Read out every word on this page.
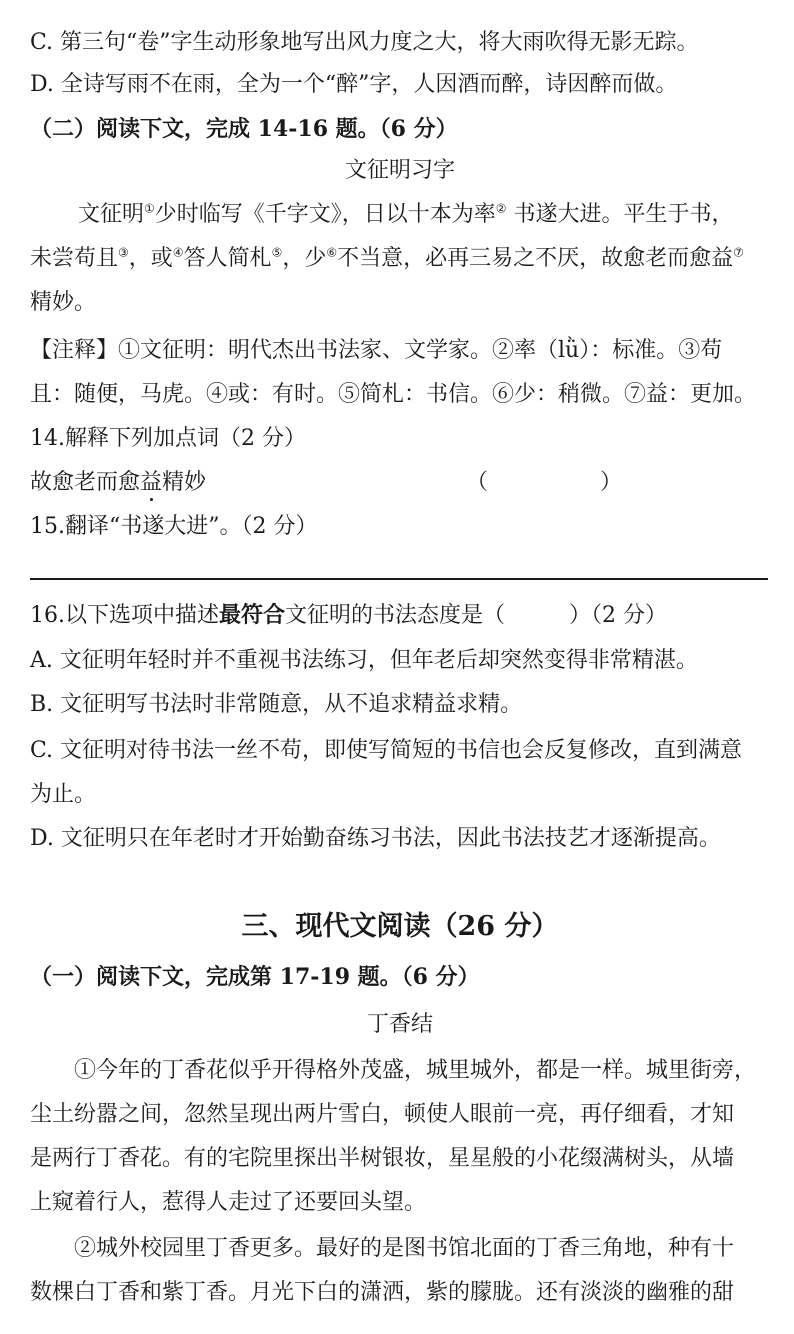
C. 第三句“卷”字生动形象地写出风力度之大，将大雨吹得无影无踪。
D. 全诗写雨不在雨，全为一个“醉”字，人因酒而醉，诗因醉而做。
（二）阅读下文，完成 14-16 题。（6 分）
文征明习字
文征明①少时临写《千字文》，日以十本为率② 书遂大进。平生于书，
未尝苟且③，或④答人简札⑤，少⑥不当意，必再三易之不厌，故愈老而愈益⑦
精妙。
【注释】①文征明：明代杰出书法家、文学家。②率（lǜ）：标准。③苟
且：随便，马虎。④或：有时。⑤简札：书信。⑥少：稍微。⑦益：更加。
14.解释下列加点词（2 分）
故愈老而愈益精妙	（	）
15.翻译“书遂大进”。（2 分）
16.以下选项中描述最符合文征明的书法态度是（	）（2 分）
A. 文征明年轻时并不重视书法练习，但年老后却突然变得非常精湛。
B. 文征明写书法时非常随意，从不追求精益求精。
C. 文征明对待书法一丝不苟，即使写简短的书信也会反复修改，直到满意
为止。
D. 文征明只在年老时才开始勤奋练习书法，因此书法技艺才逐渐提高。
三、现代文阅读（26 分）
（一）阅读下文，完成第 17-19 题。（6 分）
丁香结
①今年的丁香花似乎开得格外茂盛，城里城外，都是一样。城里街旁，
尘土纷嚣之间，忽然呈现出两片雪白，顿使人眼前一亮，再仔细看，才知
是两行丁香花。有的宅院里探出半树银妆，星星般的小花缀满树头，从墙
上窥着行人，惹得人走过了还要回头望。
②城外校园里丁香更多。最好的是图书馆北面的丁香三角地，种有十
数棵白丁香和紫丁香。月光下白的潇洒，紫的朦胧。还有淡淡的幽雅的甜
